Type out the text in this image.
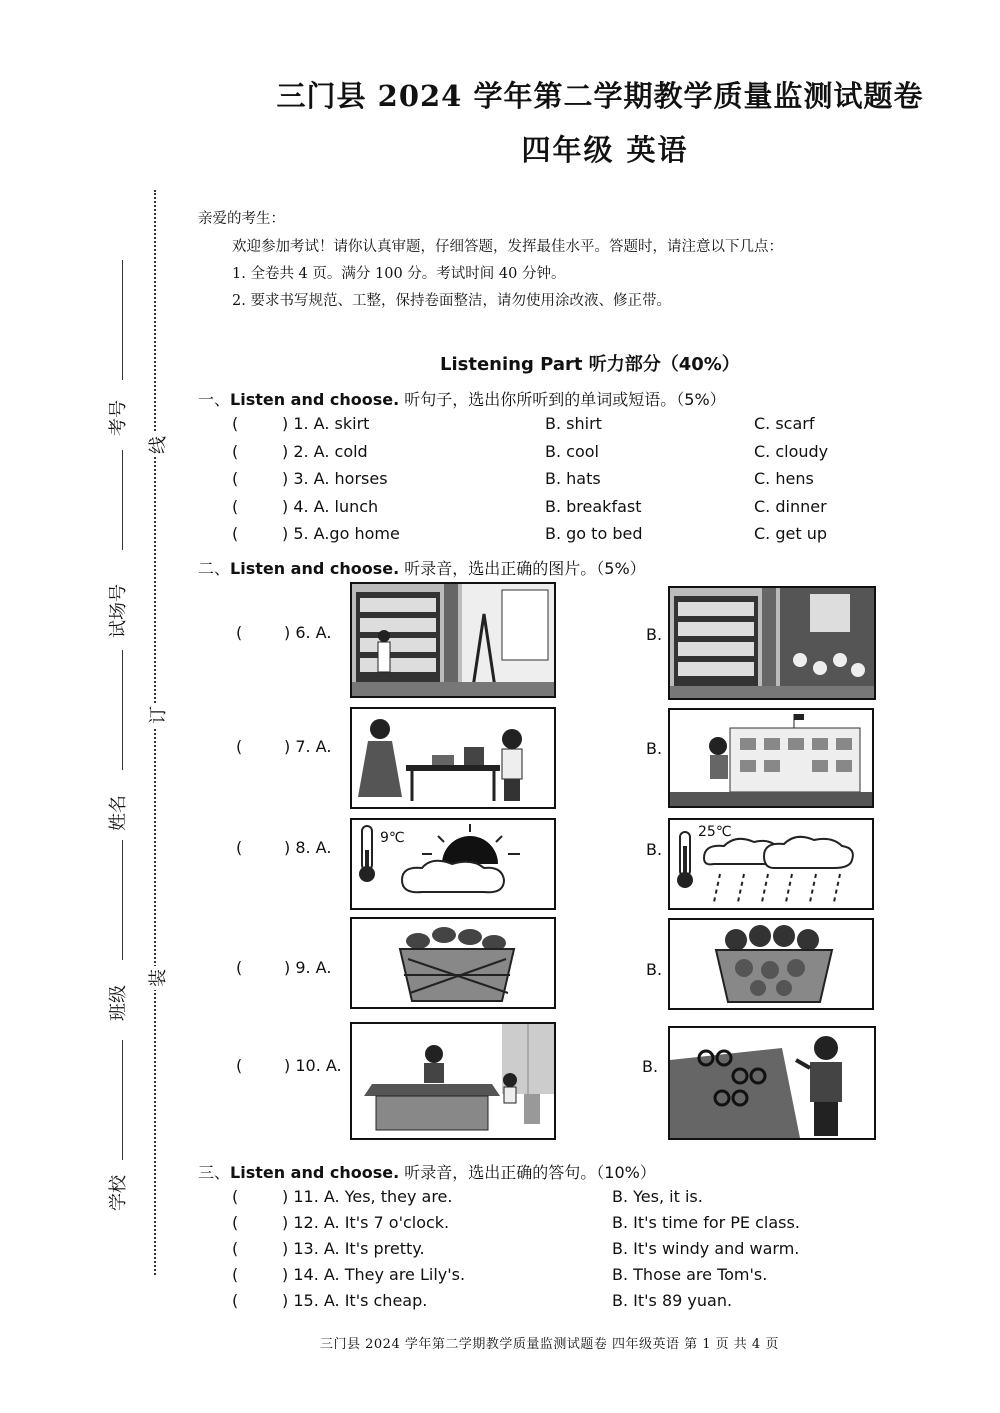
三门县 2024 学年第二学期教学质量监测试题卷
四年级 英语
考号
试场号
姓名
班级
学校
线
订
装
亲爱的考生：
欢迎参加考试！请你认真审题，仔细答题，发挥最佳水平。答题时，请注意以下几点：
1. 全卷共 4 页。满分 100 分。考试时间 40 分钟。
2. 要求书写规范、工整，保持卷面整洁，请勿使用涂改液、修正带。
Listening Part 听力部分（40%）
一、Listen and choose. 听句子，选出你所听到的单词或短语。（5%）
(	) 1. A. skirt	B. shirt	C. scarf
(	) 2. A. cold	B. cool	C. cloudy
(	) 3. A. horses	B. hats	C. hens
(	) 4. A. lunch	B. breakfast	C. dinner
(	) 5. A.go home	B. go to bed	C. get up
二、Listen and choose. 听录音，选出正确的图片。（5%）
(	) 6. A.	B.
(	) 7. A.	B.
(	) 8. A.	B.
9℃	25℃
(	) 9. A.	B.
(	) 10. A.	B.
三、Listen and choose. 听录音，选出正确的答句。（10%）
(	) 11. A. Yes, they are.	B. Yes, it is.
(	) 12. A. It's 7 o'clock.	B. It's time for PE class.
(	) 13. A. It's pretty.	B. It's windy and warm.
(	) 14. A. They are Lily's.	B. Those are Tom's.
(	) 15. A. It's cheap.	B. It's 89 yuan.
三门县 2024 学年第二学期教学质量监测试题卷 四年级英语 第 1 页 共 4 页
